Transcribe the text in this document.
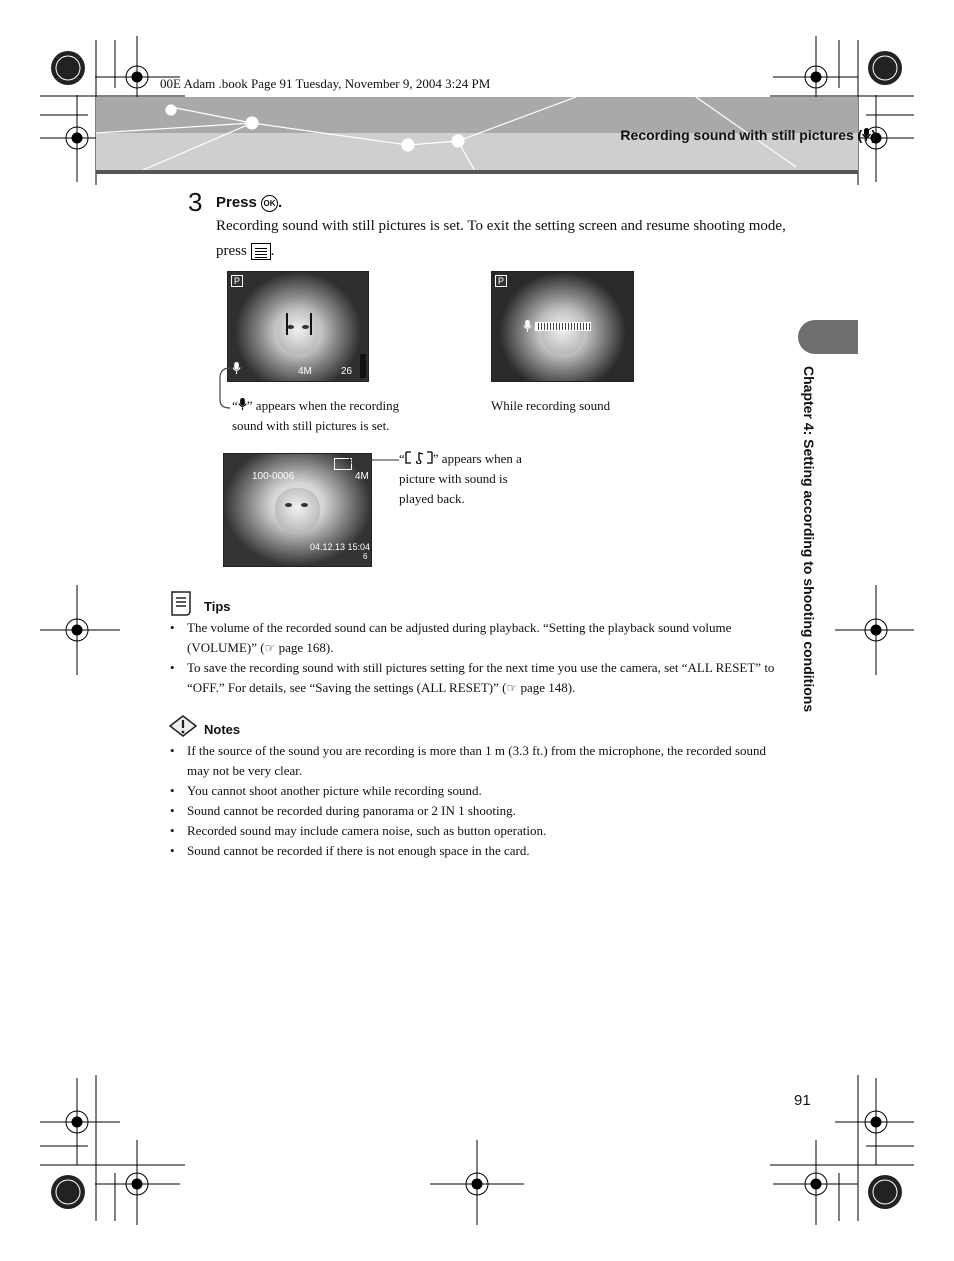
00E Adam .book Page 91 Tuesday, November 9, 2004 3:24 PM
Recording sound with still pictures ( )
Chapter 4: Setting according to shooting conditions
3 Press OK .
Recording sound with still pictures is set. To exit the setting screen and resume shooting mode, press .
P
4M	26
“ ” appears when the recording sound with still pictures is set.
P
While recording sound
100-0006	4M
04.12.13 15:04
6
“ ” appears when a picture with sound is played back.
Tips
• The volume of the recorded sound can be adjusted during playback. “Setting the playback sound volume (VOLUME)” (☞ page 168).
• To save the recording sound with still pictures setting for the next time you use the camera, set “ALL RESET” to “OFF.” For details, see “Saving the settings (ALL RESET)” (☞ page 148).
Notes
• If the source of the sound you are recording is more than 1 m (3.3 ft.) from the microphone, the recorded sound may not be very clear.
• You cannot shoot another picture while recording sound.
• Sound cannot be recorded during panorama or 2 IN 1 shooting.
• Recorded sound may include camera noise, such as button operation.
• Sound cannot be recorded if there is not enough space in the card.
91
